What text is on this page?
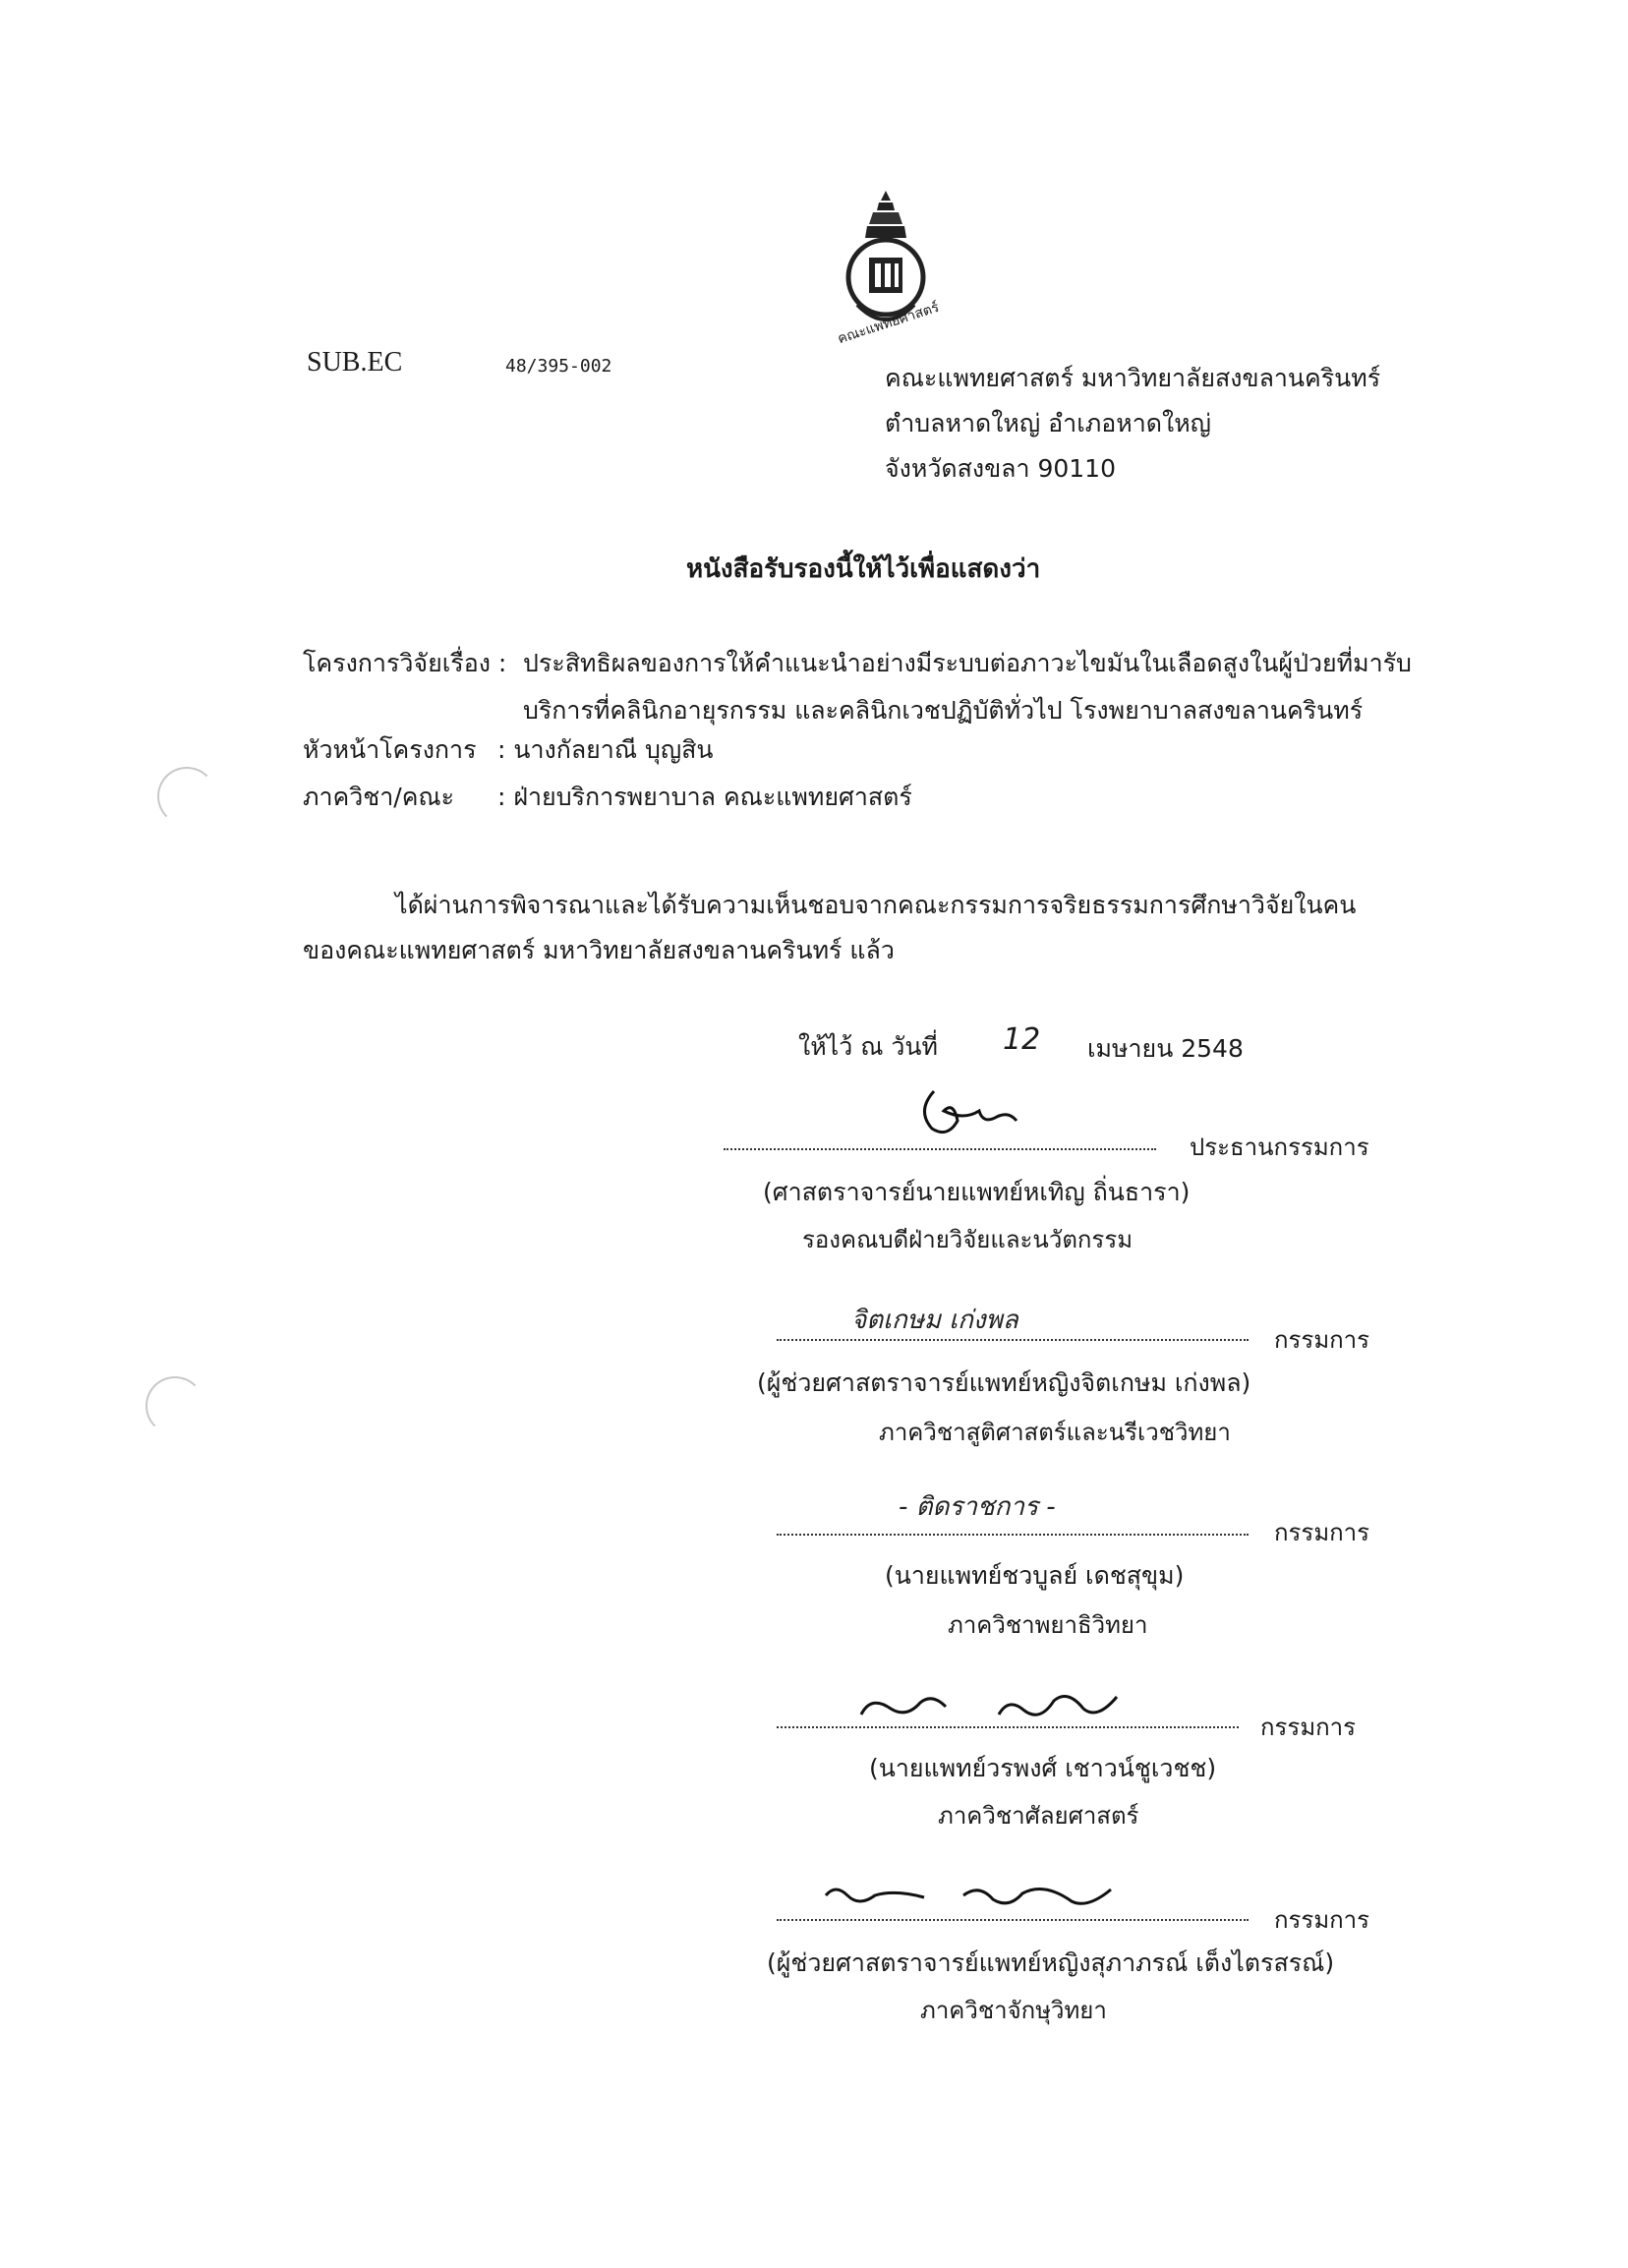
คณะแพทยศาสตร์
SUB.EC	48/395-002	คณะแพทยศาสตร์ มหาวิทยาลัยสงขลานครินทร์
ตำบลหาดใหญ่ อำเภอหาดใหญ่
จังหวัดสงขลา 90110
หนังสือรับรองนี้ให้ไว้เพื่อแสดงว่า
โครงการวิจัยเรื่อง : ประสิทธิผลของการให้คำแนะนำอย่างมีระบบต่อภาวะไขมันในเลือดสูงในผู้ป่วยที่มารับ
บริการที่คลินิกอายุรกรรม และคลินิกเวชปฏิบัติทั่วไป โรงพยาบาลสงขลานครินทร์
หัวหน้าโครงการ : นางกัลยาณี บุญสิน
ภาควิชา/คณะ : ฝ่ายบริการพยาบาล คณะแพทยศาสตร์
ได้ผ่านการพิจารณาและได้รับความเห็นชอบจากคณะกรรมการจริยธรรมการศึกษาวิจัยในคน
ของคณะแพทยศาสตร์ มหาวิทยาลัยสงขลานครินทร์ แล้ว
ให้ไว้ ณ วันที่ 12 เมษายน 2548
ประธานกรรมการ
(ศาสตราจารย์นายแพทย์หเทิญ ถิ่นธารา)
รองคณบดีฝ่ายวิจัยและนวัตกรรม
จิตเกษม เก่งพล
กรรมการ
(ผู้ช่วยศาสตราจารย์แพทย์หญิงจิตเกษม เก่งพล)
ภาควิชาสูติศาสตร์และนรีเวชวิทยา
- ติดราชการ -
กรรมการ
(นายแพทย์ชวบูลย์ เดชสุขุม)
ภาควิชาพยาธิวิทยา
กรรมการ
(นายแพทย์วรพงศ์ เชาวน์ชูเวชช)
ภาควิชาศัลยศาสตร์
กรรมการ
(ผู้ช่วยศาสตราจารย์แพทย์หญิงสุภาภรณ์ เต็งไตรสรณ์)
ภาควิชาจักษุวิทยา
